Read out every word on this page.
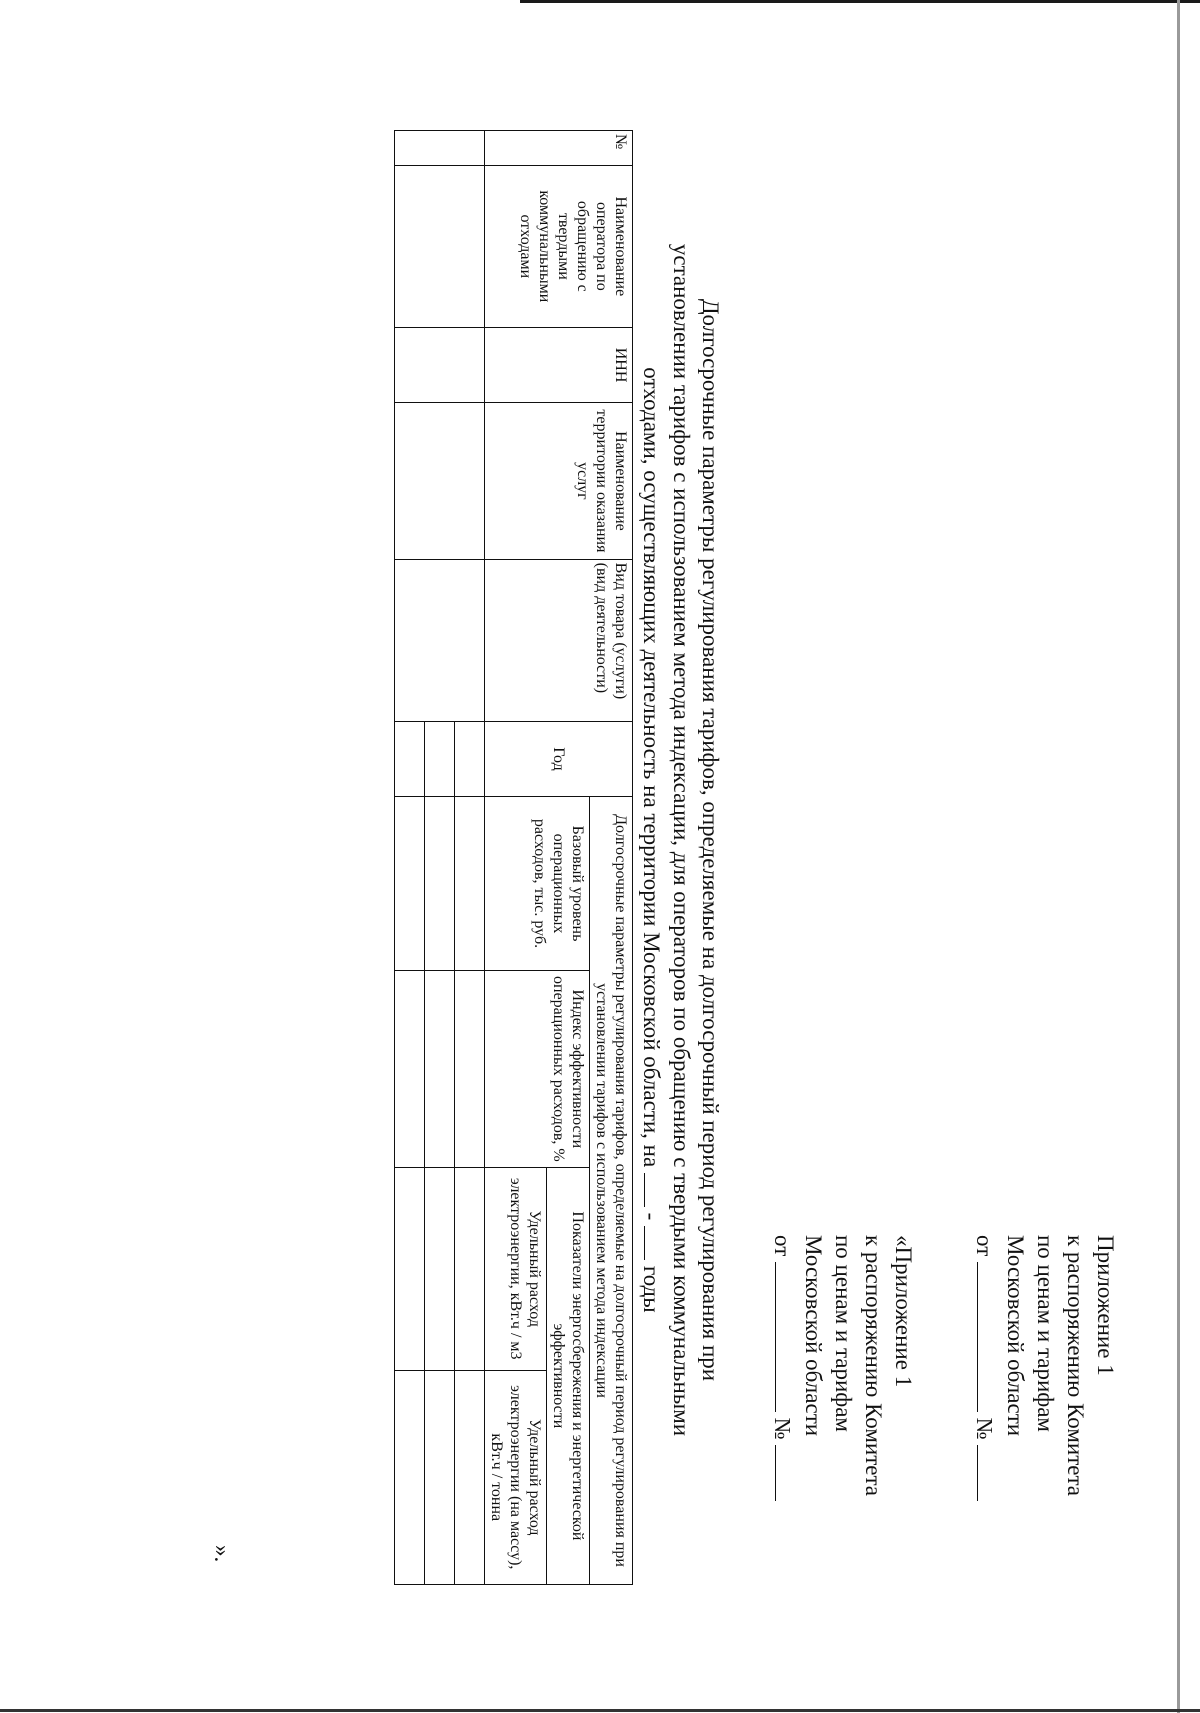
Приложение 1
к распоряжению Комитета
по ценам и тарифам
Московской области
от  №
«Приложение 1
к распоряжению Комитета
по ценам и тарифам
Московской области
от  №
Долгосрочные параметры регулирования тарифов, определяемые на долгосрочный период регулирования при
установлении тарифов с использованием метода индексации, для операторов по обращению с твердыми коммунальными
отходами, осуществляющих деятельность на территории Московской области, на  -  годы
№	Наименование оператора по обращению с твердыми коммунальными отходами	ИНН	Наименование территории оказания услуг	Вид товара (услуги) (вид деятельности)	Год	Долгосрочные параметры регулирования тарифов, определяемые на долгосрочный период регулирования при установлении тарифов с использованием метода индексации			
						Базовый уровень операционных расходов, тыс. руб.	Индекс эффективности операционных расходов, %	Показатели энергосбережения и энергетической эффективности	
								Удельный расход электроэнергии, кВт.ч / м3	Удельный расход электроэнергии (на массу), кВт.ч / тонна

».
